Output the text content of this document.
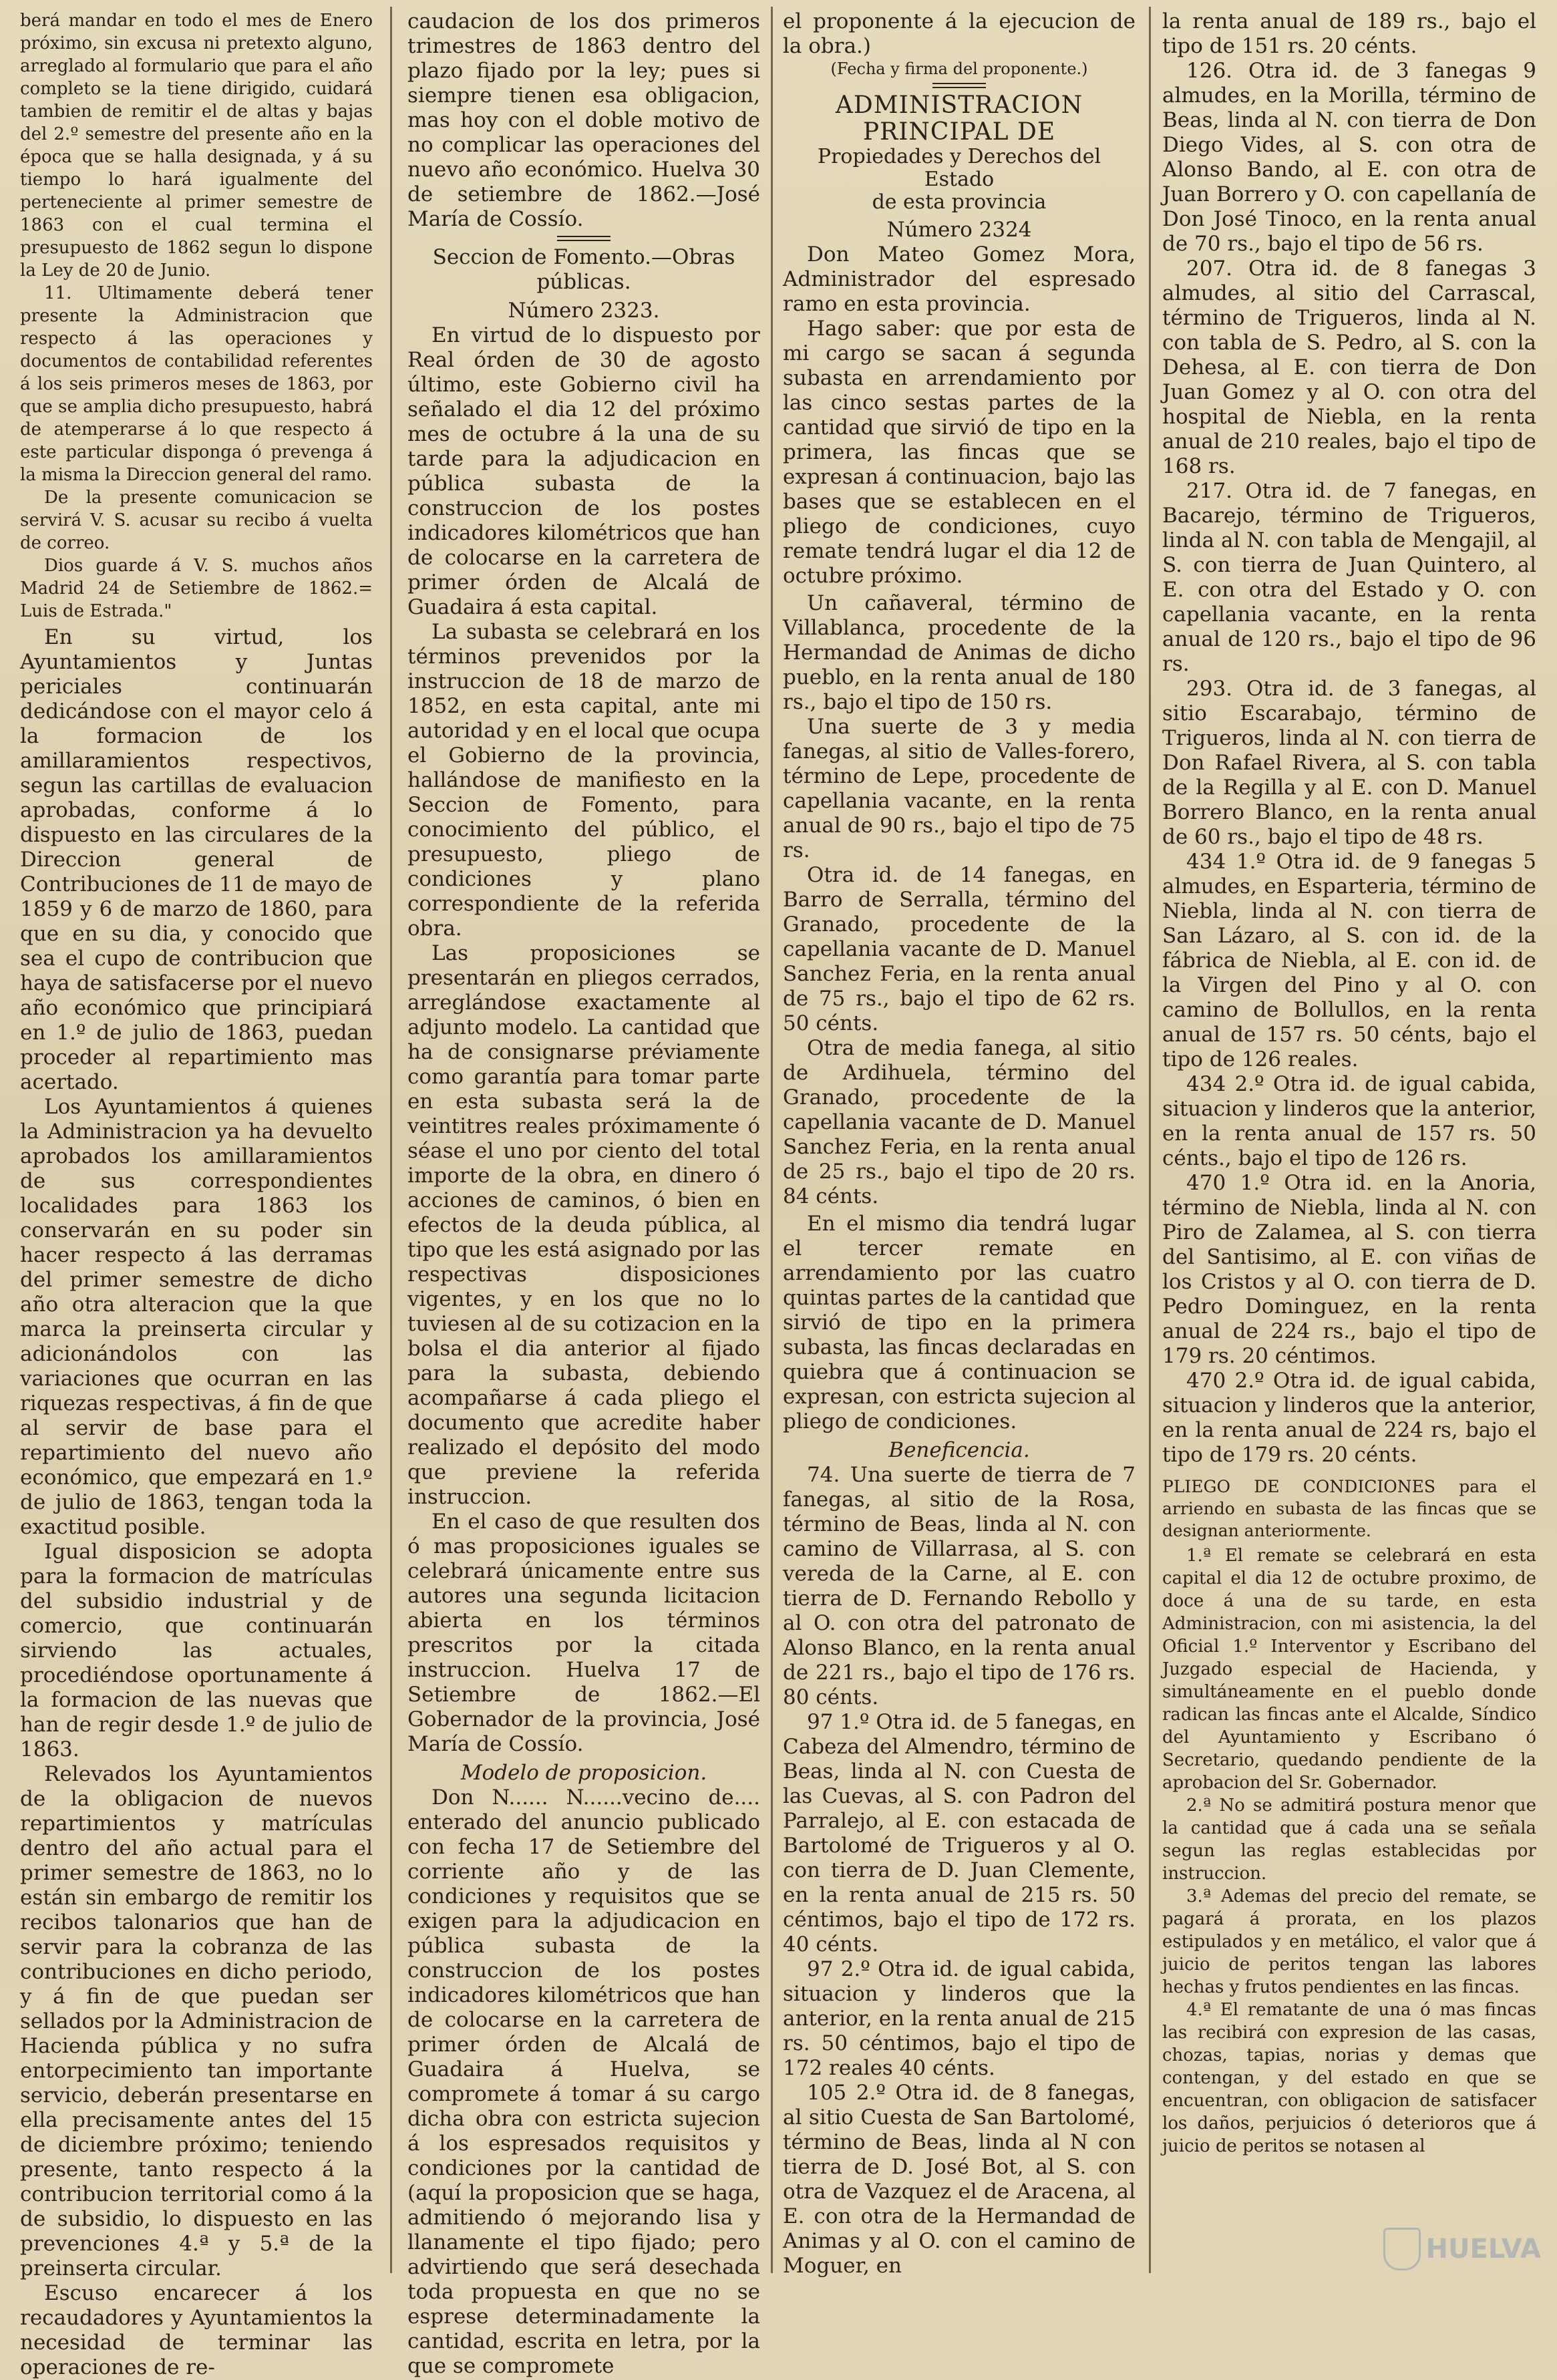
berá mandar en todo el mes de Enero próximo, sin excusa ni pretexto alguno, arreglado al formulario que para el año completo se la tiene dirigido, cuidará tambien de remitir el de altas y bajas del 2.º semestre del presente año en la época que se halla designada, y á su tiempo lo hará igualmente del perteneciente al primer semestre de 1863 con el cual termina el presupuesto de 1862 segun lo dispone la Ley de 20 de Junio.

11. Ultimamente deberá tener presente la Administracion que respecto á las operaciones y documentos de contabilidad referentes á los seis primeros meses de 1863, por que se amplia dicho presupuesto, habrá de atemperarse á lo que respecto á este particular disponga ó prevenga á la misma la Direccion general del ramo.

De la presente comunicacion se servirá V. S. acusar su recibo á vuelta de correo.

Dios guarde á V. S. muchos años Madrid 24 de Setiembre de 1862.= Luis de Estrada."

En su virtud, los Ayuntamientos y Juntas periciales continuarán dedicándose con el mayor celo á la formacion de los amillaramientos respectivos, segun las cartillas de evaluacion aprobadas, conforme á lo dispuesto en las circulares de la Direccion general de Contribuciones de 11 de mayo de 1859 y 6 de marzo de 1860, para que en su dia, y conocido que sea el cupo de contribucion que haya de satisfacerse por el nuevo año económico que principiará en 1.º de julio de 1863, puedan proceder al repartimiento mas acertado.

Los Ayuntamientos á quienes la Administracion ya ha devuelto aprobados los amillaramientos de sus correspondientes localidades para 1863 los conservarán en su poder sin hacer respecto á las derramas del primer semestre de dicho año otra alteracion que la que marca la preinserta circular y adicionándolos con las variaciones que ocurran en las riquezas respectivas, á fin de que al servir de base para el repartimiento del nuevo año económico, que empezará en 1.º de julio de 1863, tengan toda la exactitud posible.

Igual disposicion se adopta para la formacion de matrículas del subsidio industrial y de comercio, que continuarán sirviendo las actuales, procediéndose oportunamente á la formacion de las nuevas que han de regir desde 1.º de julio de 1863.

Relevados los Ayuntamientos de la obligacion de nuevos repartimientos y matrículas dentro del año actual para el primer semestre de 1863, no lo están sin embargo de remitir los recibos talonarios que han de servir para la cobranza de las contribuciones en dicho periodo, y á fin de que puedan ser sellados por la Administracion de Hacienda pública y no sufra entorpecimiento tan importante servicio, deberán presentarse en ella precisamente antes del 15 de diciembre próximo; teniendo presente, tanto respecto á la contribucion territorial como á la de subsidio, lo dispuesto en las prevenciones 4.ª y 5.ª de la preinserta circular.

Escuso encarecer á los recaudadores y Ayuntamientos la necesidad de terminar las operaciones de re-

caudacion de los dos primeros trimestres de 1863 dentro del plazo fijado por la ley; pues si siempre tienen esa obligacion, mas hoy con el doble motivo de no complicar las operaciones del nuevo año económico. Huelva 30 de setiembre de 1862.—José María de Cossío.

Seccion de Fomento.—Obras públicas.

Número 2323.

En virtud de lo dispuesto por Real órden de 30 de agosto último, este Gobierno civil ha señalado el dia 12 del próximo mes de octubre á la una de su tarde para la adjudicacion en pública subasta de la construccion de los postes indicadores kilométricos que han de colocarse en la carretera de primer órden de Alcalá de Guadaira á esta capital.

La subasta se celebrará en los términos prevenidos por la instruccion de 18 de marzo de 1852, en esta capital, ante mi autoridad y en el local que ocupa el Gobierno de la provincia, hallándose de manifiesto en la Seccion de Fomento, para conocimiento del público, el presupuesto, pliego de condiciones y plano correspondiente de la referida obra.

Las proposiciones se presentarán en pliegos cerrados, arreglándose exactamente al adjunto modelo. La cantidad que ha de consignarse préviamente como garantía para tomar parte en esta subasta será la de veintitres reales próximamente ó séase el uno por ciento del total importe de la obra, en dinero ó acciones de caminos, ó bien en efectos de la deuda pública, al tipo que les está asignado por las respectivas disposiciones vigentes, y en los que no lo tuviesen al de su cotizacion en la bolsa el dia anterior al fijado para la subasta, debiendo acompañarse á cada pliego el documento que acredite haber realizado el depósito del modo que previene la referida instruccion.

En el caso de que resulten dos ó mas proposiciones iguales se celebrará únicamente entre sus autores una segunda licitacion abierta en los términos prescritos por la citada instruccion. Huelva 17 de Setiembre de 1862.—El Gobernador de la provincia, José María de Cossío.

Modelo de proposicion.

Don N...... N......vecino de.... enterado del anuncio publicado con fecha 17 de Setiembre del corriente año y de las condiciones y requisitos que se exigen para la adjudicacion en pública subasta de la construccion de los postes indicadores kilométricos que han de colocarse en la carretera de primer órden de Alcalá de Guadaira á Huelva, se compromete á tomar á su cargo dicha obra con estricta sujecion á los espresados requisitos y condiciones por la cantidad de (aquí la proposicion que se haga, admitiendo ó mejorando lisa y llanamente el tipo fijado; pero advirtiendo que será desechada toda propuesta en que no se esprese determinadamente la cantidad, escrita en letra, por la que se compromete

el proponente á la ejecucion de la obra.)

(Fecha y firma del proponente.)

ADMINISTRACION PRINCIPAL DE

Propiedades y Derechos del Estado

de esta provincia

Número 2324

Don Mateo Gomez Mora, Administrador del espresado ramo en esta provincia.

Hago saber: que por esta de mi cargo se sacan á segunda subasta en arrendamiento por las cinco sestas partes de la cantidad que sirvió de tipo en la primera, las fincas que se expresan á continuacion, bajo las bases que se establecen en el pliego de condiciones, cuyo remate tendrá lugar el dia 12 de octubre próximo.

Un cañaveral, término de Villablanca, procedente de la Hermandad de Animas de dicho pueblo, en la renta anual de 180 rs., bajo el tipo de 150 rs.

Una suerte de 3 y media fanegas, al sitio de Valles-forero, término de Lepe, procedente de capellania vacante, en la renta anual de 90 rs., bajo el tipo de 75 rs.

Otra id. de 14 fanegas, en Barro de Serralla, término del Granado, procedente de la capellania vacante de D. Manuel Sanchez Feria, en la renta anual de 75 rs., bajo el tipo de 62 rs. 50 cénts.

Otra de media fanega, al sitio de Ardihuela, término del Granado, procedente de la capellania vacante de D. Manuel Sanchez Feria, en la renta anual de 25 rs., bajo el tipo de 20 rs. 84 cénts.

En el mismo dia tendrá lugar el tercer remate en arrendamiento por las cuatro quintas partes de la cantidad que sirvió de tipo en la primera subasta, las fincas declaradas en quiebra que á continuacion se expresan, con estricta sujecion al pliego de condiciones.

Beneficencia.

74. Una suerte de tierra de 7 fanegas, al sitio de la Rosa, término de Beas, linda al N. con camino de Villarrasa, al S. con vereda de la Carne, al E. con tierra de D. Fernando Rebollo y al O. con otra del patronato de Alonso Blanco, en la renta anual de 221 rs., bajo el tipo de 176 rs. 80 cénts.

97 1.º Otra id. de 5 fanegas, en Cabeza del Almendro, término de Beas, linda al N. con Cuesta de las Cuevas, al S. con Padron del Parralejo, al E. con estacada de Bartolomé de Trigueros y al O. con tierra de D. Juan Clemente, en la renta anual de 215 rs. 50 céntimos, bajo el tipo de 172 rs. 40 cénts.

97 2.º Otra id. de igual cabida, situacion y linderos que la anterior, en la renta anual de 215 rs. 50 céntimos, bajo el tipo de 172 reales 40 cénts.

105 2.º Otra id. de 8 fanegas, al sitio Cuesta de San Bartolomé, término de Beas, linda al N con tierra de D. José Bot, al S. con otra de Vazquez el de Aracena, al E. con otra de la Hermandad de Animas y al O. con el camino de Moguer, en

la renta anual de 189 rs., bajo el tipo de 151 rs. 20 cénts.

126. Otra id. de 3 fanegas 9 almudes, en la Morilla, término de Beas, linda al N. con tierra de Don Diego Vides, al S. con otra de Alonso Bando, al E. con otra de Juan Borrero y O. con capellanía de Don José Tinoco, en la renta anual de 70 rs., bajo el tipo de 56 rs.

207. Otra id. de 8 fanegas 3 almudes, al sitio del Carrascal, término de Trigueros, linda al N. con tabla de S. Pedro, al S. con la Dehesa, al E. con tierra de Don Juan Gomez y al O. con otra del hospital de Niebla, en la renta anual de 210 reales, bajo el tipo de 168 rs.

217. Otra id. de 7 fanegas, en Bacarejo, término de Trigueros, linda al N. con tabla de Mengajil, al S. con tierra de Juan Quintero, al E. con otra del Estado y O. con capellania vacante, en la renta anual de 120 rs., bajo el tipo de 96 rs.

293. Otra id. de 3 fanegas, al sitio Escarabajo, término de Trigueros, linda al N. con tierra de Don Rafael Rivera, al S. con tabla de la Regilla y al E. con D. Manuel Borrero Blanco, en la renta anual de 60 rs., bajo el tipo de 48 rs.

434 1.º Otra id. de 9 fanegas 5 almudes, en Esparteria, término de Niebla, linda al N. con tierra de San Lázaro, al S. con id. de la fábrica de Niebla, al E. con id. de la Virgen del Pino y al O. con camino de Bollullos, en la renta anual de 157 rs. 50 cénts, bajo el tipo de 126 reales.

434 2.º Otra id. de igual cabida, situacion y linderos que la anterior, en la renta anual de 157 rs. 50 cénts., bajo el tipo de 126 rs.

470 1.º Otra id. en la Anoria, término de Niebla, linda al N. con Piro de Zalamea, al S. con tierra del Santisimo, al E. con viñas de los Cristos y al O. con tierra de D. Pedro Dominguez, en la renta anual de 224 rs., bajo el tipo de 179 rs. 20 céntimos.

470 2.º Otra id. de igual cabida, situacion y linderos que la anterior, en la renta anual de 224 rs, bajo el tipo de 179 rs. 20 cénts.

PLIEGO DE CONDICIONES para el arriendo en subasta de las fincas que se designan anteriormente.

1.ª El remate se celebrará en esta capital el dia 12 de octubre proximo, de doce á una de su tarde, en esta Administracion, con mi asistencia, la del Oficial 1.º Interventor y Escribano del Juzgado especial de Hacienda, y simultáneamente en el pueblo donde radican las fincas ante el Alcalde, Síndico del Ayuntamiento y Escribano ó Secretario, quedando pendiente de la aprobacion del Sr. Gobernador.

2.ª No se admitirá postura menor que la cantidad que á cada una se señala segun las reglas establecidas por instruccion.

3.ª Ademas del precio del remate, se pagará á prorata, en los plazos estipulados y en metálico, el valor que á juicio de peritos tengan las labores hechas y frutos pendientes en las fincas.

4.ª El rematante de una ó mas fincas las recibirá con expresion de las casas, chozas, tapias, norias y demas que contengan, y del estado en que se encuentran, con obligacion de satisfacer los daños, perjuicios ó deterioros que á juicio de peritos se notasen al

HUELVA
